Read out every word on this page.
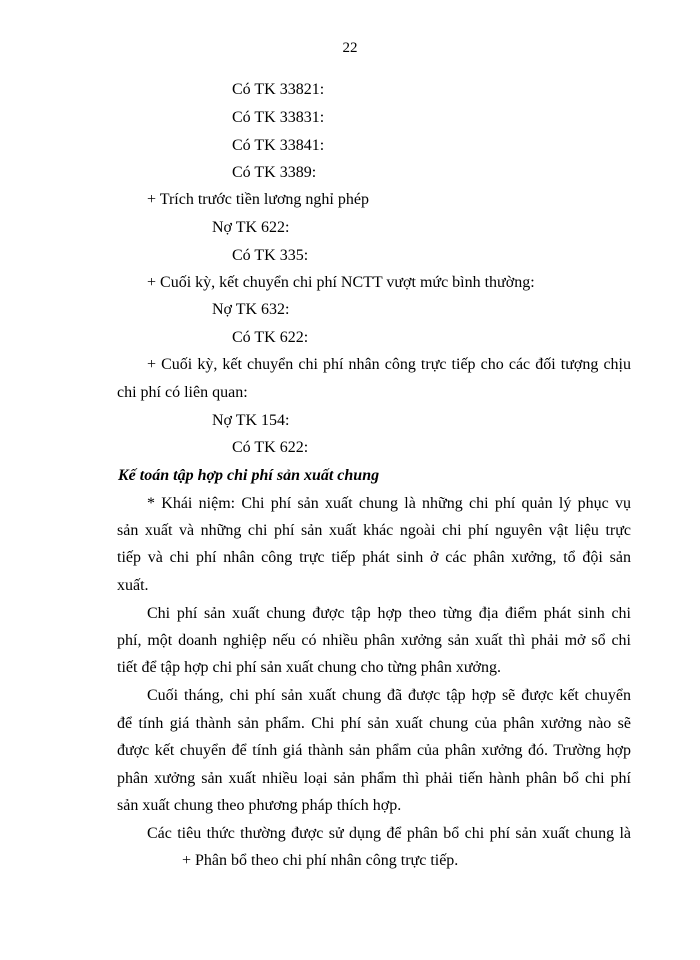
22
Có TK 33821:
Có TK 33831:
Có TK 33841:
Có TK 3389:
+ Trích trước tiền lương nghỉ phép
Nợ TK 622:
Có TK 335:
+ Cuối kỳ, kết chuyển chi phí NCTT vượt mức bình thường:
Nợ TK 632:
Có TK 622:
+ Cuối kỳ, kết chuyển chi phí nhân công trực tiếp cho các đối tượng chịu
chi phí có liên quan:
Nợ TK 154:
Có TK 622:
Kế toán tập hợp chi phí sản xuất chung
* Khái niệm: Chi phí sản xuất chung là những chi phí quản lý phục vụ
sản xuất và những chi phí sản xuất khác ngoài chi phí nguyên vật liệu trực
tiếp và chi phí nhân công trực tiếp phát sinh ở các phân xưởng, tổ đội sản
xuất.
Chi phí sản xuất chung được tập hợp theo từng địa điểm phát sinh chi
phí, một doanh nghiệp nếu có nhiều phân xưởng sản xuất thì phải mở sổ chi
tiết để tập hợp chi phí sản xuất chung cho từng phân xưởng.
Cuối tháng, chi phí sản xuất chung đã được tập hợp sẽ được kết chuyển
để tính giá thành sản phẩm. Chi phí sản xuất chung của phân xưởng nào sẽ
được kết chuyển để tính giá thành sản phẩm của phân xưởng đó. Trường hợp
phân xưởng sản xuất nhiều loại sản phẩm thì phải tiến hành phân bổ chi phí
sản xuất chung theo phương pháp thích hợp.
Các tiêu thức thường được sử dụng để phân bổ chi phí sản xuất chung là
+ Phân bổ theo chi phí nhân công trực tiếp.
